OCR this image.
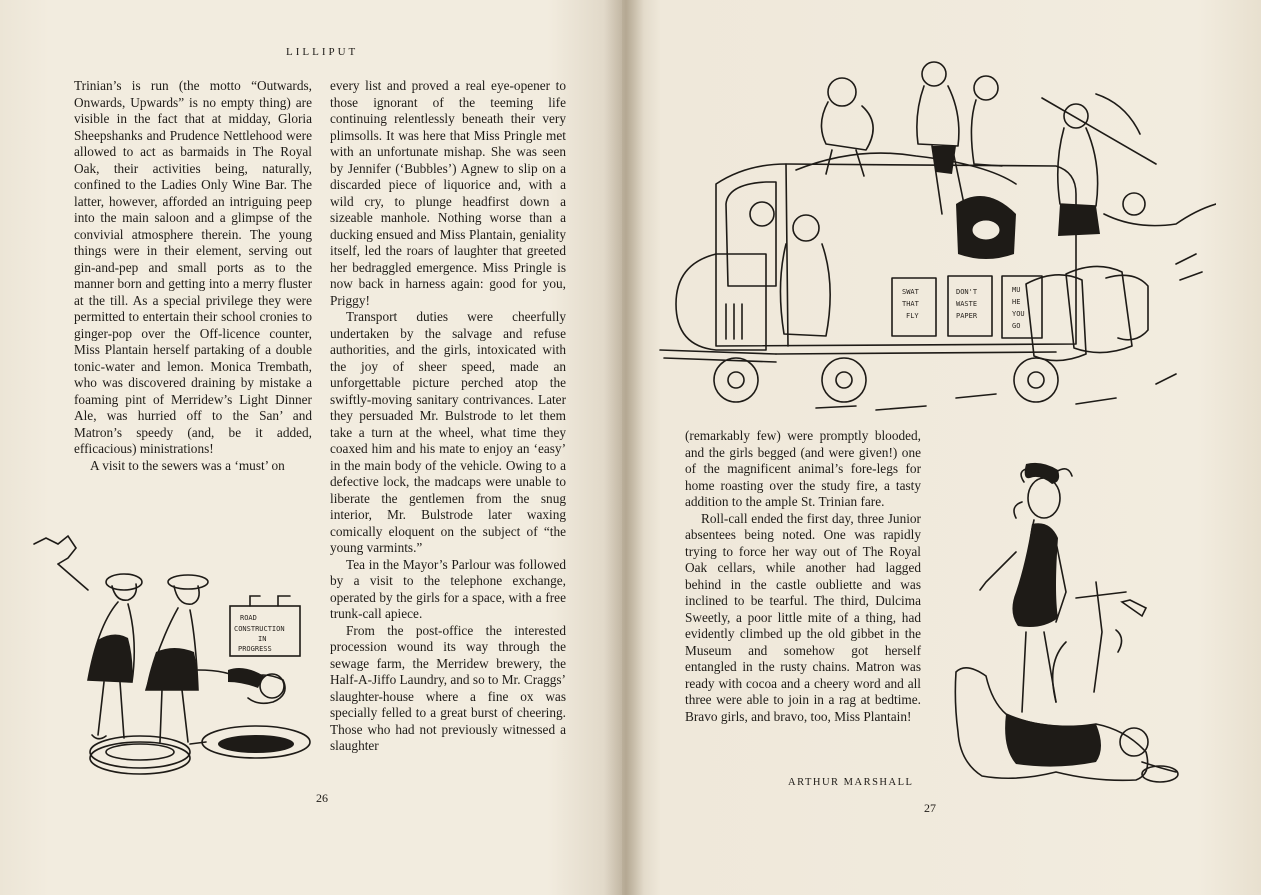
LILLIPUT

Trinian’s is run (the motto “Outwards, Onwards, Upwards” is no empty thing) are visible in the fact that at midday, Gloria Sheepshanks and Prudence Nettlehood were allowed to act as barmaids in The Royal Oak, their activities being, naturally, confined to the Ladies Only Wine Bar. The latter, however, afforded an intriguing peep into the main saloon and a glimpse of the convivial atmosphere therein. The young things were in their element, serving out gin-and-pep and small ports as to the manner born and getting into a merry fluster at the till. As a special privilege they were permitted to entertain their school cronies to ginger-pop over the Off-licence counter, Miss Plantain herself partaking of a double tonic-water and lemon. Monica Trembath, who was discovered draining by mistake a foaming pint of Merridew’s Light Dinner Ale, was hurried off to the San’ and Matron’s speedy (and, be it added, efficacious) ministrations!

A visit to the sewers was a ‘must’ on

every list and proved a real eye-opener to those ignorant of the teeming life continuing relentlessly beneath their very plimsolls. It was here that Miss Pringle met with an unfortunate mishap. She was seen by Jennifer (‘Bubbles’) Agnew to slip on a discarded piece of liquorice and, with a wild cry, to plunge headfirst down a sizeable manhole. Nothing worse than a ducking ensued and Miss Plantain, geniality itself, led the roars of laughter that greeted her bedraggled emergence. Miss Pringle is now back in harness again: good for you, Priggy!

Transport duties were cheerfully undertaken by the salvage and refuse authorities, and the girls, intoxicated with the joy of sheer speed, made an unforgettable picture perched atop the swiftly-moving sanitary contrivances. Later they persuaded Mr. Bulstrode to let them take a turn at the wheel, what time they coaxed him and his mate to enjoy an ‘easy’ in the main body of the vehicle. Owing to a defective lock, the madcaps were unable to liberate the gentlemen from the snug interior, Mr. Bulstrode later waxing comically eloquent on the subject of “the young varmints.”

Tea in the Mayor’s Parlour was followed by a visit to the telephone exchange, operated by the girls for a space, with a free trunk-call apiece.

From the post-office the interested procession wound its way through the sewage farm, the Merridew brewery, the Half-A-Jiffo Laundry, and so to Mr. Craggs’ slaughter-house where a fine ox was specially felled to a great burst of cheering. Those who had not previously witnessed a slaughter

ROAD
CONSTRUCTION
IN
PROGRESS
26
SWAT
THAT
FLY
DON'T
WASTE
PAPER
MU
HE
YOU
GO

(remarkably few) were promptly blooded, and the girls begged (and were given!) one of the magnificent animal’s fore-legs for home roasting over the study fire, a tasty addition to the ample St. Trinian fare.

Roll-call ended the first day, three Junior absentees being noted. One was rapidly trying to force her way out of The Royal Oak cellars, while another had lagged behind in the castle oubliette and was inclined to be tearful. The third, Dulcima Sweetly, a poor little mite of a thing, had evidently climbed up the old gibbet in the Museum and somehow got herself entangled in the rusty chains. Matron was ready with cocoa and a cheery word and all three were able to join in a rag at bedtime. Bravo girls, and bravo, too, Miss Plantain!

ARTHUR MARSHALL
27
